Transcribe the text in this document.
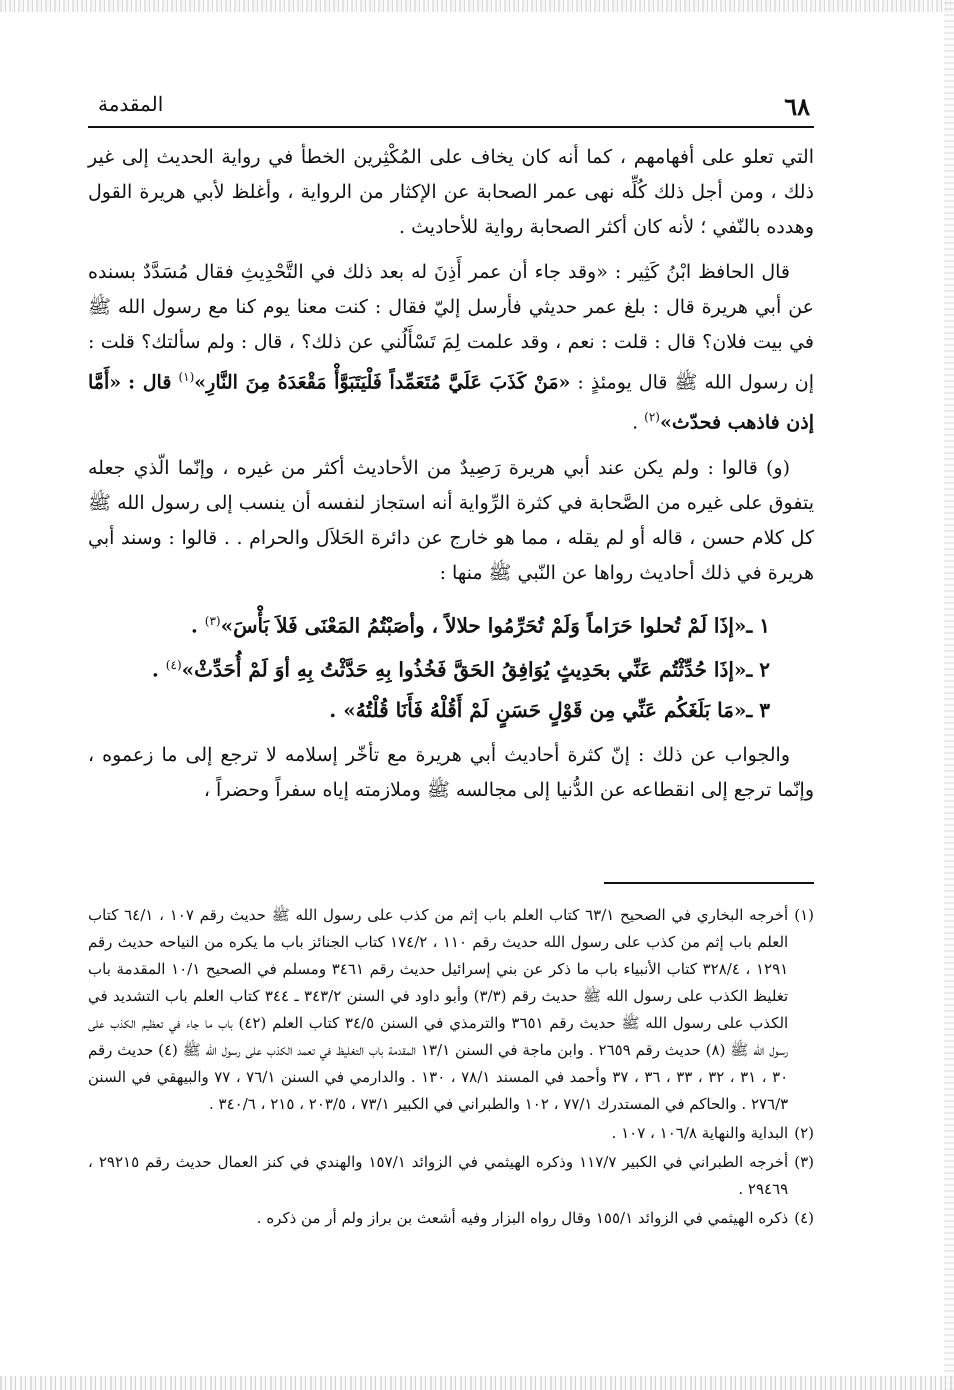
٦٨
المقدمة

التي تعلو على أفهامهم ، كما أنه كان يخاف على المُكْثِرين الخطأ في رواية الحديث إلى غير ذلك ، ومن أجل ذلك كُلِّه نهى عمر الصحابة عن الإكثار من الرواية ، وأغلظ لأبي هريرة القول وهدده بالنّفي ؛ لأنه كان أكثر الصحابة رواية للأحاديث .

قال الحافظ ابْنُ كَثِير : «وقد جاء أن عمر أَذِنَ له بعد ذلك في التَّحْدِيثِ فقال مُسَدَّدٌ بسنده عن أبي هريرة قال : بلغ عمر حديثي فأرسل إليّ فقال : كنت معنا يوم كنا مع رسول الله ﷺ في بيت فلان؟ قال : قلت : نعم ، وقد علمت لِمَ تَسْأَلُني عن ذلك؟ ، قال : ولم سألتك؟ قلت : إن رسول الله ﷺ قال يومئذٍ : «مَنْ كَذَبَ عَلَيَّ مُتَعَمِّداً فَلْيَتَبَوَّأْ مَقْعَدَهُ مِنَ النَّارِ»$^{(١)}$ قال : «أَمَّا إذن فاذهب فحدّث»$^{(٢)}$ .

(و) قالوا : ولم يكن عند أبي هريرة رَصِيدٌ من الأحاديث أكثر من غيره ، وإنّما الّذي جعله يتفوق على غيره من الصَّحابة في كثرة الرِّواية أنه استجاز لنفسه أن ينسب إلى رسول الله ﷺ كل كلام حسن ، قاله أو لم يقله ، مما هو خارج عن دائرة الحَلاَل والحرام . . قالوا : وسند أبي هريرة في ذلك أحاديث رواها عن النّبي ﷺ منها :

١ ـ«إذَا لَمْ تُحلوا حَرَاماً وَلَمْ تُحَرِّمُوا حلالاً ، وأصَبْتُمُ المَعْنَى فَلاَ بَأْسَ»$^{(٣)}$ .
٢ ـ«إذَا حُدِّثْتُم عَنِّي بحَدِيثٍ يُوَافِقُ الحَقَّ فَخُذُوا بِهِ حَدَّثْتُ بِهِ أوَ لَمْ أُحَدِّثْ»$^{(٤)}$ .
٣ ـ«مَا بَلَغَكُم عَنِّي مِن قَوْلٍ حَسَنٍ لَمْ أَقُلْهُ فَأَنَا قُلْتُهُ» .

والجواب عن ذلك : إنّ كثرة أحاديث أبي هريرة مع تأخّر إسلامه لا ترجع إلى ما زعموه ، وإنّما ترجع إلى انقطاعه عن الدُّنيا إلى مجالسه ﷺ وملازمته إياه سفراً وحضراً ،

(١)
أخرجه البخاري في الصحيح ٦٣/١ كتاب العلم باب إثم من كذب على رسول الله ﷺ حديث رقم ١٠٧ ، ٦٤/١ كتاب العلم باب إثم من كذب على رسول الله حديث رقم ١١٠ ، ١٧٤/٢ كتاب الجنائز باب ما يكره من النياحه حديث رقم ١٢٩١ ، ٣٢٨/٤ كتاب الأنبياء باب ما ذكر عن بني إسرائيل حديث رقم ٣٤٦١ ومسلم في الصحيح ١٠/١ المقدمة باب تغليظ الكذب على رسول الله ﷺ حديث رقم (٣/٣) وأبو داود في السنن ٣٤٣/٢ ـ ٣٤٤ كتاب العلم باب التشديد في الكذب على رسول الله ﷺ حديث رقم ٣٦٥١ والترمذي في السنن ٣٤/٥ كتاب العلم (٤٢) باب ما جاء في تعظيم الكذب على رسول الله ﷺ (٨) حديث رقم ٢٦٥٩ . وابن ماجة في السنن ١٣/١ المقدمة باب التغليظ في تعمد الكذب على رسول الله ﷺ (٤) حديث رقم ٣٠ ، ٣١ ، ٣٢ ، ٣٣ ، ٣٦ ، ٣٧ وأحمد في المسند ٧٨/١ ، ١٣٠ . والدارمي في السنن ٧٦/١ ، ٧٧ والبيهقي في السنن ٢٧٦/٣ . والحاكم في المستدرك ٧٧/١ ، ١٠٢ والطبراني في الكبير ٧٣/١ ، ٢٠٣/٥ ، ٢١٥ ، ٣٤٠/٦ .
(٢)
البداية والنهاية ١٠٦/٨ ، ١٠٧ .
(٣)
أخرجه الطبراني في الكبير ١١٧/٧ وذكره الهيثمي في الزوائد ١٥٧/١ والهندي في كنز العمال حديث رقم ٢٩٢١٥ ، ٢٩٤٦٩ .
(٤)
ذكره الهيثمي في الزوائد ١٥٥/١ وقال رواه البزار وفيه أشعث بن براز ولم أر من ذكره .
